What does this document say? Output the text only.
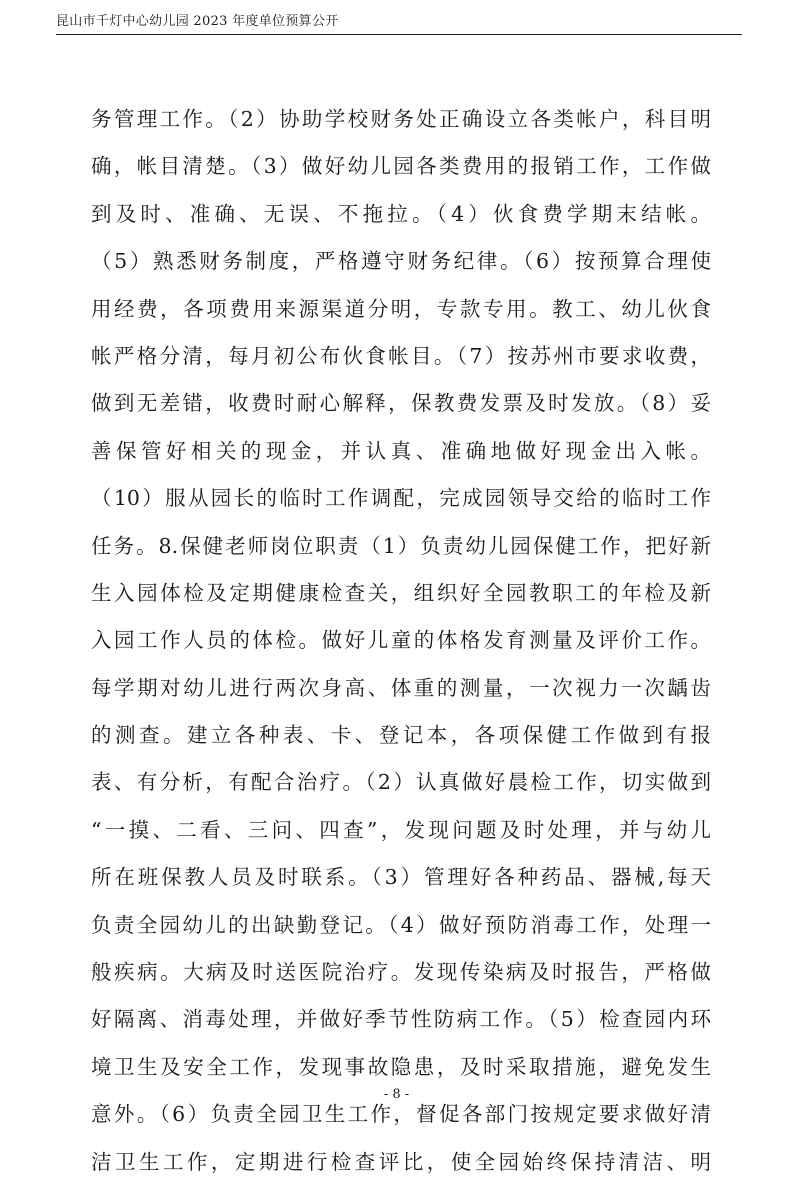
昆山市千灯中心幼儿园 2023 年度单位预算公开
务管理工作。（2）协助学校财务处正确设立各类帐户，科目明
确，帐目清楚。（3）做好幼儿园各类费用的报销工作，工作做
到及时、准确、无误、不拖拉。（4）伙食费学期末结帐。
（5）熟悉财务制度，严格遵守财务纪律。（6）按预算合理使
用经费，各项费用来源渠道分明，专款专用。教工、幼儿伙食
帐严格分清，每月初公布伙食帐目。（7）按苏州市要求收费，
做到无差错，收费时耐心解释，保教费发票及时发放。（8）妥
善保管好相关的现金，并认真、准确地做好现金出入帐。
（10）服从园长的临时工作调配，完成园领导交给的临时工作
任务。8.保健老师岗位职责（1）负责幼儿园保健工作，把好新
生入园体检及定期健康检查关，组织好全园教职工的年检及新
入园工作人员的体检。做好儿童的体格发育测量及评价工作。
每学期对幼儿进行两次身高、体重的测量，一次视力一次龋齿
的测查。建立各种表、卡、登记本，各项保健工作做到有报
表、有分析，有配合治疗。（2）认真做好晨检工作，切实做到
“一摸、二看、三问、四查”，发现问题及时处理，并与幼儿
所在班保教人员及时联系。（3）管理好各种药品、器械,每天
负责全园幼儿的出缺勤登记。（4）做好预防消毒工作，处理一
般疾病。大病及时送医院治疗。发现传染病及时报告，严格做
好隔离、消毒处理，并做好季节性防病工作。（5）检查园内环
境卫生及安全工作，发现事故隐患，及时采取措施，避免发生
意外。（6）负责全园卫生工作，督促各部门按规定要求做好清
洁卫生工作，定期进行检查评比，使全园始终保持清洁、明
- 8 -
